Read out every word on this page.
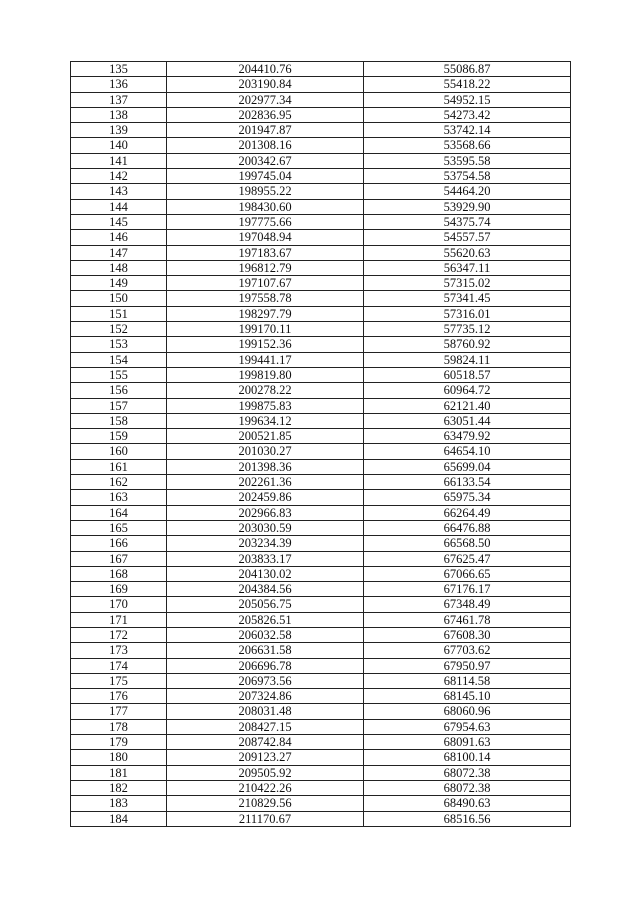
135	204410.76	55086.87
136	203190.84	55418.22
137	202977.34	54952.15
138	202836.95	54273.42
139	201947.87	53742.14
140	201308.16	53568.66
141	200342.67	53595.58
142	199745.04	53754.58
143	198955.22	54464.20
144	198430.60	53929.90
145	197775.66	54375.74
146	197048.94	54557.57
147	197183.67	55620.63
148	196812.79	56347.11
149	197107.67	57315.02
150	197558.78	57341.45
151	198297.79	57316.01
152	199170.11	57735.12
153	199152.36	58760.92
154	199441.17	59824.11
155	199819.80	60518.57
156	200278.22	60964.72
157	199875.83	62121.40
158	199634.12	63051.44
159	200521.85	63479.92
160	201030.27	64654.10
161	201398.36	65699.04
162	202261.36	66133.54
163	202459.86	65975.34
164	202966.83	66264.49
165	203030.59	66476.88
166	203234.39	66568.50
167	203833.17	67625.47
168	204130.02	67066.65
169	204384.56	67176.17
170	205056.75	67348.49
171	205826.51	67461.78
172	206032.58	67608.30
173	206631.58	67703.62
174	206696.78	67950.97
175	206973.56	68114.58
176	207324.86	68145.10
177	208031.48	68060.96
178	208427.15	67954.63
179	208742.84	68091.63
180	209123.27	68100.14
181	209505.92	68072.38
182	210422.26	68072.38
183	210829.56	68490.63
184	211170.67	68516.56
